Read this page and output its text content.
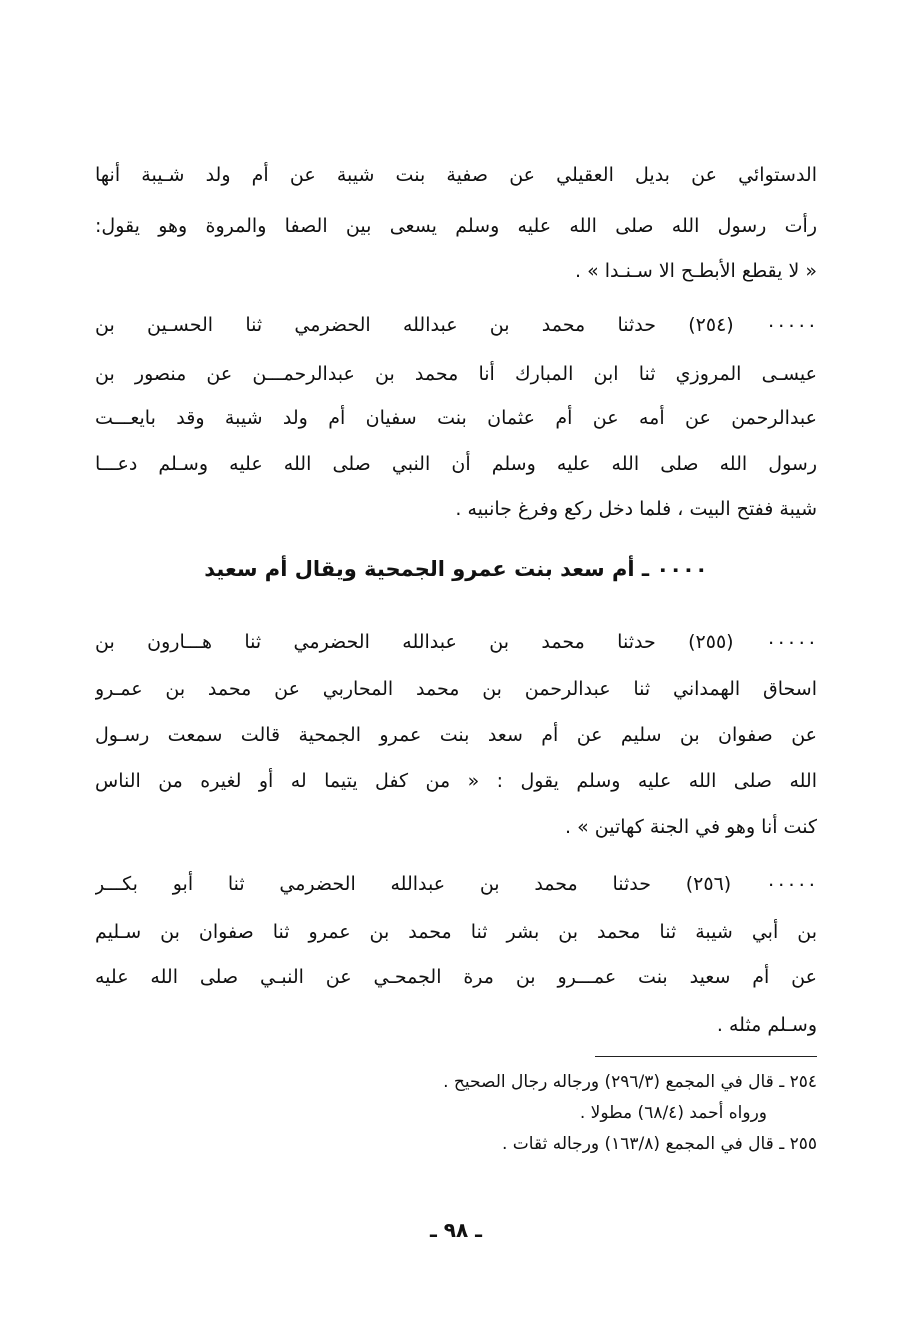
الدستوائي عن بديل العقيلي عن صفية بنت شيبة عن أم ولد شـيبة أنها
رأت رسول الله صلى الله عليه وسلم يسعى بين الصفا والمروة وهو يقول:
« لا يقطع الأبطـح الا سـنـدا » .
٠٠٠٠٠ (٢٥٤) حدثنا محمد بن عبدالله الحضرمي ثنا الحسـين بن
عيسـى المروزي ثنا ابن المبارك أنا محمد بن عبدالرحمـــن عن منصور بن
عبدالرحمن عن أمه عن أم عثمان بنت سفيان أم ولد شيبة وقد بايعـــت
رسول الله صلى الله عليه وسلم أن النبي صلى الله عليه وسـلم دعـــا
شيبة ففتح البيت ، فلما دخل ركع وفرغ جانبيه .
٠٠٠٠ ـ أم سعد بنت عمرو الجمحية ويقال أم سعيد
٠٠٠٠٠ (٢٥٥) حدثنا محمد بن عبدالله الحضرمي ثنا هـــارون بن
اسحاق الهمداني ثنا عبدالرحمن بن محمد المحاربي عن محمد بن عمـرو
عن صفوان بن سليم عن أم سعد بنت عمرو الجمحية قالت سمعت رسـول
الله صلى الله عليه وسلم يقول : « من كفل يتيما له أو لغيره من الناس
كنت أنا وهو في الجنة كهاتين » .
٠٠٠٠٠ (٢٥٦) حدثنا محمد بن عبدالله الحضرمي ثنا أبو بكـــر
بن أبي شيبة ثنا محمد بن بشر ثنا محمد بن عمرو ثنا صفوان بن سـليم
عن أم سعيد بنت عمـــرو بن مرة الجمحـي عن النبـي صلى الله عليه
وسـلم مثله .
٢٥٤ ـ قال في المجمع (٢٩٦/٣) ورجاله رجال الصحيح .
ورواه أحمد (٦٨/٤) مطولا .
٢٥٥ ـ قال في المجمع (١٦٣/٨) ورجاله ثقات .
ـ ٩٨ ـ
